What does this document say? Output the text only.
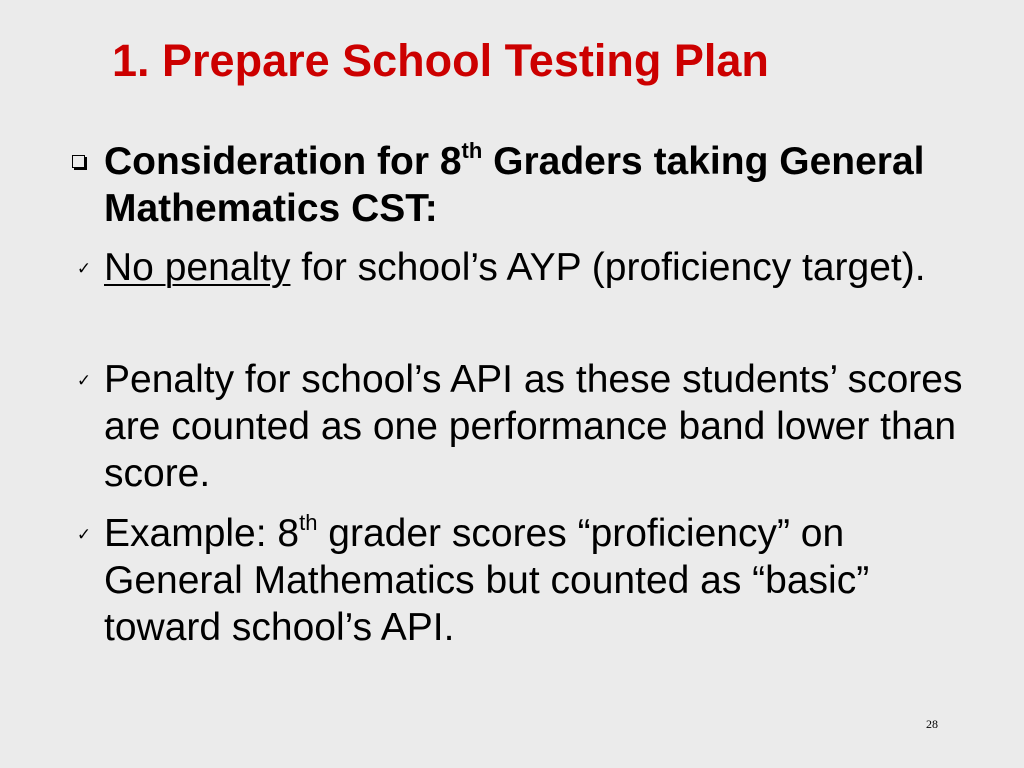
1. Prepare School Testing Plan
Consideration for 8th Graders taking General Mathematics CST:
✓ No penalty for school’s AYP (proficiency target).
✓ Penalty for school’s API as these students’ scores are counted as one performance band lower than score.
✓ Example: 8th grader scores “proficiency” on General Mathematics but counted as “basic” toward school’s API.
28
